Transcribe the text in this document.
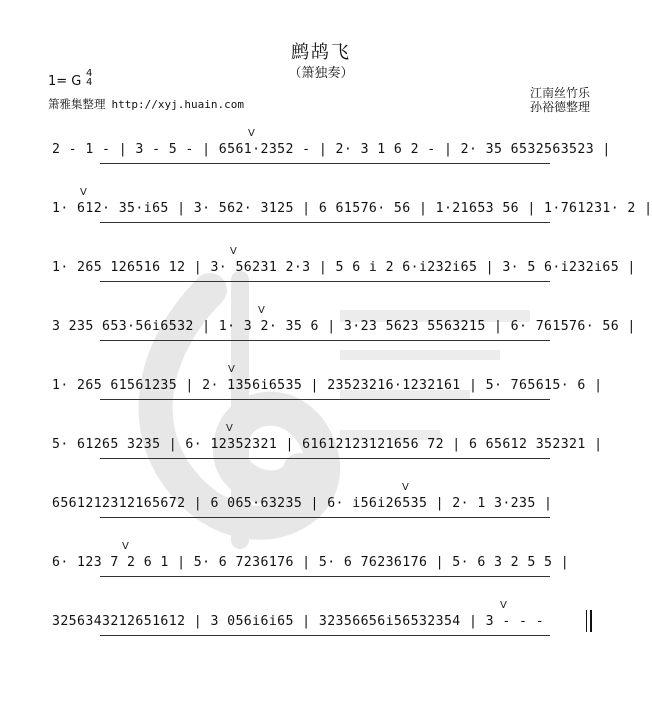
鹧鸪飞
（箫独奏）
1= G
4
4
箫雅集整理 http://xyj.huain.com
江南丝竹乐
孙裕德整理
V
2 - 1 - | 3 - 5 - | 6561·2352 - | 2· 3 1 6 2 - | 2· 35 6532563523 |
V
1· 612· 35·i65 | 3· 562· 3125 | 6 61576· 56 | 1·21653 56 | 1·761231· 2 |
V
1· 265 126516 12 | 3· 56231 2·3 | 5 6 i 2 6·i232i65 | 3· 5 6·i232i65 |
V
3 235 653·56i6532 | 1· 3 2· 35 6 | 3·23 5623 5563215 | 6· 761576· 56 |
V
1· 265 61561235 | 2· 1356i6535 | 23523216·1232161 | 5· 765615· 6 |
V
5· 61265 3235 | 6· 12352321 | 61612123121656 72 | 6 65612 352321 |
V
6561212312165672 | 6 065·63235 | 6· i56i26535 | 2· 1 3·235 |
V
6· 123 7 2 6 1 | 5· 6 7236176 | 5· 6 76236176 | 5· 6 3 2 5 5 |
V
3256343212651612 | 3 056i6i65 | 32356656i56532354 | 3 - - -
